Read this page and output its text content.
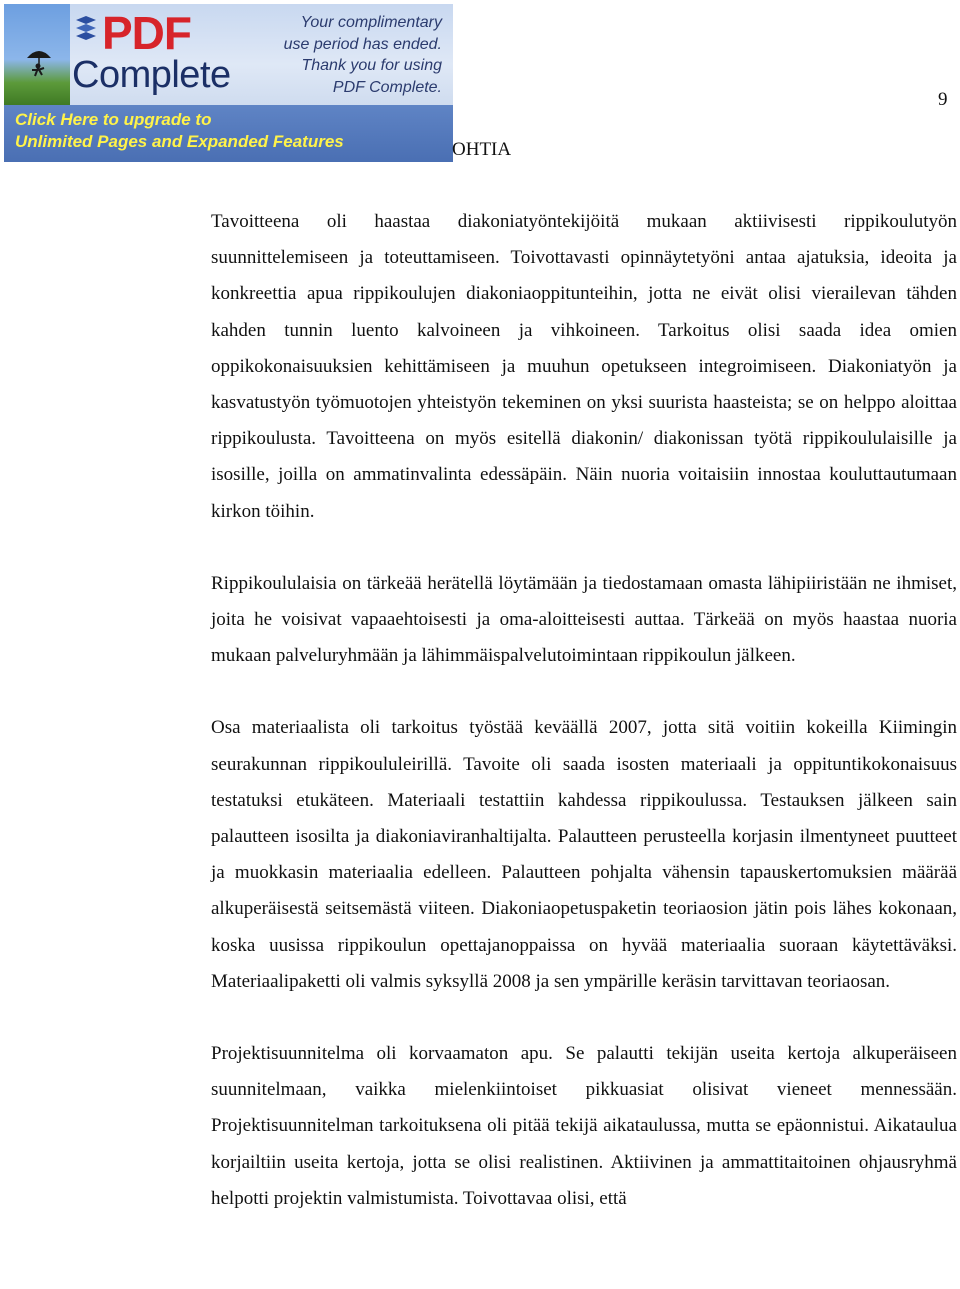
PDF
Complete
Your complimentary
use period has ended.
Thank you for using
PDF Complete.
Click Here to upgrade to
Unlimited Pages and Expanded Features
9
OHTIA

Tavoitteena oli haastaa diakoniatyöntekijöitä mukaan aktiivisesti rippikoulutyön suunnittelemiseen ja toteuttamiseen. Toivottavasti opinnäytetyöni antaa ajatuksia, ideoita ja konkreettia apua rippikoulujen diakoniaoppitunteihin, jotta ne eivät olisi vierailevan tähden kahden tunnin luento kalvoineen ja vihkoineen. Tarkoitus olisi saada idea omien oppikokonaisuuksien kehittämiseen ja muuhun opetukseen integroimiseen. Diakoniatyön ja kasvatustyön työmuotojen yhteistyön tekeminen on yksi suurista haasteista; se on helppo aloittaa rippikoulusta. Tavoitteena on myös esitellä diakonin/ diakonissan työtä rippikoululaisille ja isosille, joilla on ammatinvalinta edessäpäin. Näin nuoria voitaisiin innostaa kouluttautumaan kirkon töihin.

Rippikoululaisia on tärkeää herätellä löytämään ja tiedostamaan omasta lähipiiristään ne ihmiset, joita he voisivat vapaaehtoisesti ja oma-aloitteisesti auttaa. Tärkeää on myös haastaa nuoria mukaan palveluryhmään ja lähimmäispalvelutoimintaan rippikoulun jälkeen.

Osa materiaalista oli tarkoitus työstää keväällä 2007, jotta sitä voitiin kokeilla Kiimingin seurakunnan rippikoululeirillä. Tavoite oli saada isosten materiaali ja oppituntikokonaisuus testatuksi etukäteen. Materiaali testattiin kahdessa rippikoulussa. Testauksen jälkeen sain palautteen isosilta ja diakoniaviranhaltijalta. Palautteen perusteella korjasin ilmentyneet puutteet ja muokkasin materiaalia edelleen. Palautteen pohjalta vähensin tapauskertomuksien määrää alkuperäisestä seitsemästä viiteen. Diakoniaopetuspaketin teoriaosion jätin pois lähes kokonaan, koska uusissa rippikoulun opettajanoppaissa on hyvää materiaalia suoraan käytettäväksi. Materiaalipaketti oli valmis syksyllä 2008 ja sen ympärille keräsin tarvittavan teoriaosan.

Projektisuunnitelma oli korvaamaton apu. Se palautti tekijän useita kertoja alkuperäiseen suunnitelmaan, vaikka mielenkiintoiset pikkuasiat olisivat vieneet mennessään. Projektisuunnitelman tarkoituksena oli pitää tekijä aikataulussa, mutta se epäonnistui. Aikataulua korjailtiin useita kertoja, jotta se olisi realistinen. Aktiivinen ja ammattitaitoinen ohjausryhmä helpotti projektin valmistumista. Toivottavaa olisi, että
